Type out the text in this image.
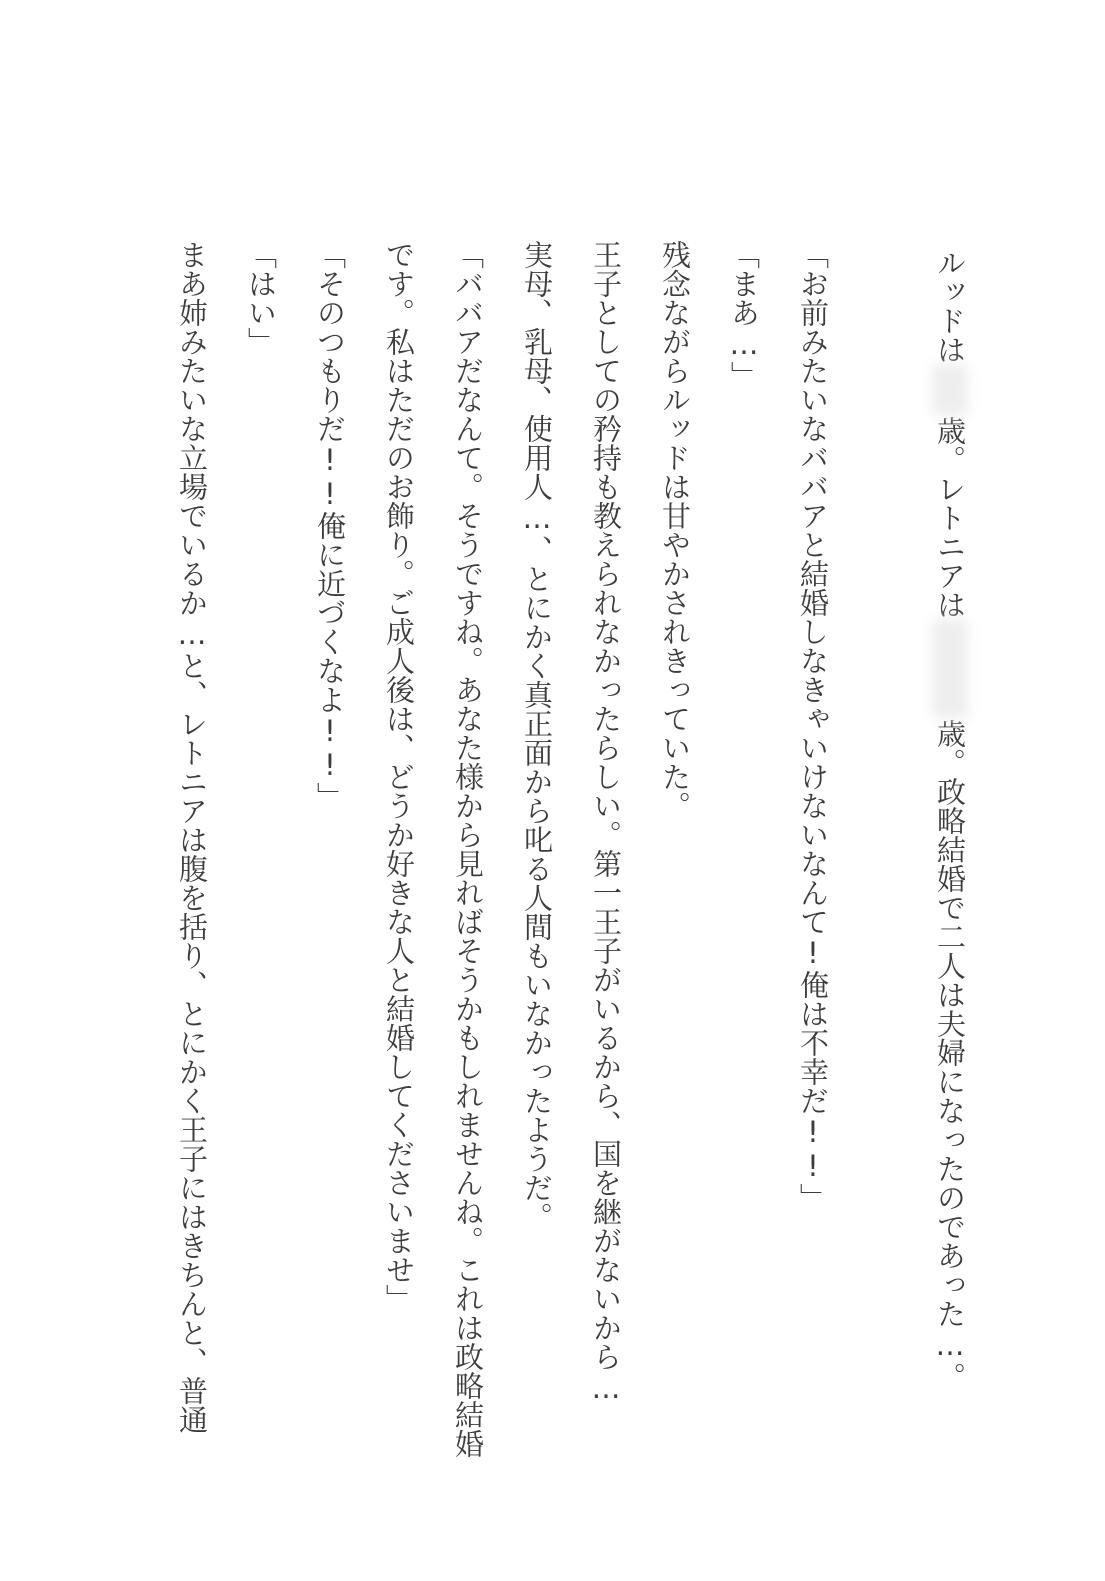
ルッドは歳。レトニアは歳。政略結婚で二人は夫婦になったのであった…。
「お前みたいなババアと結婚しなきゃいけないなんて!俺は不幸だ!!」
「まあ…」
残念ながらルッドは甘やかされきっていた。
王子としての矜持も教えられなかったらしい。第一王子がいるから、国を継がないから…
実母、乳母、使用人…、とにかく真正面から叱る人間もいなかったようだ。
「ババアだなんて。そうですね。あなた様から見ればそうかもしれませんね。これは政略結婚
です。私はただのお飾り。ご成人後は、どうか好きな人と結婚してくださいませ」
「そのつもりだ!!俺に近づくなよ!!」
「はい」
まあ姉みたいな立場でいるか…と、レトニアは腹を括り、とにかく王子にはきちんと、普通
